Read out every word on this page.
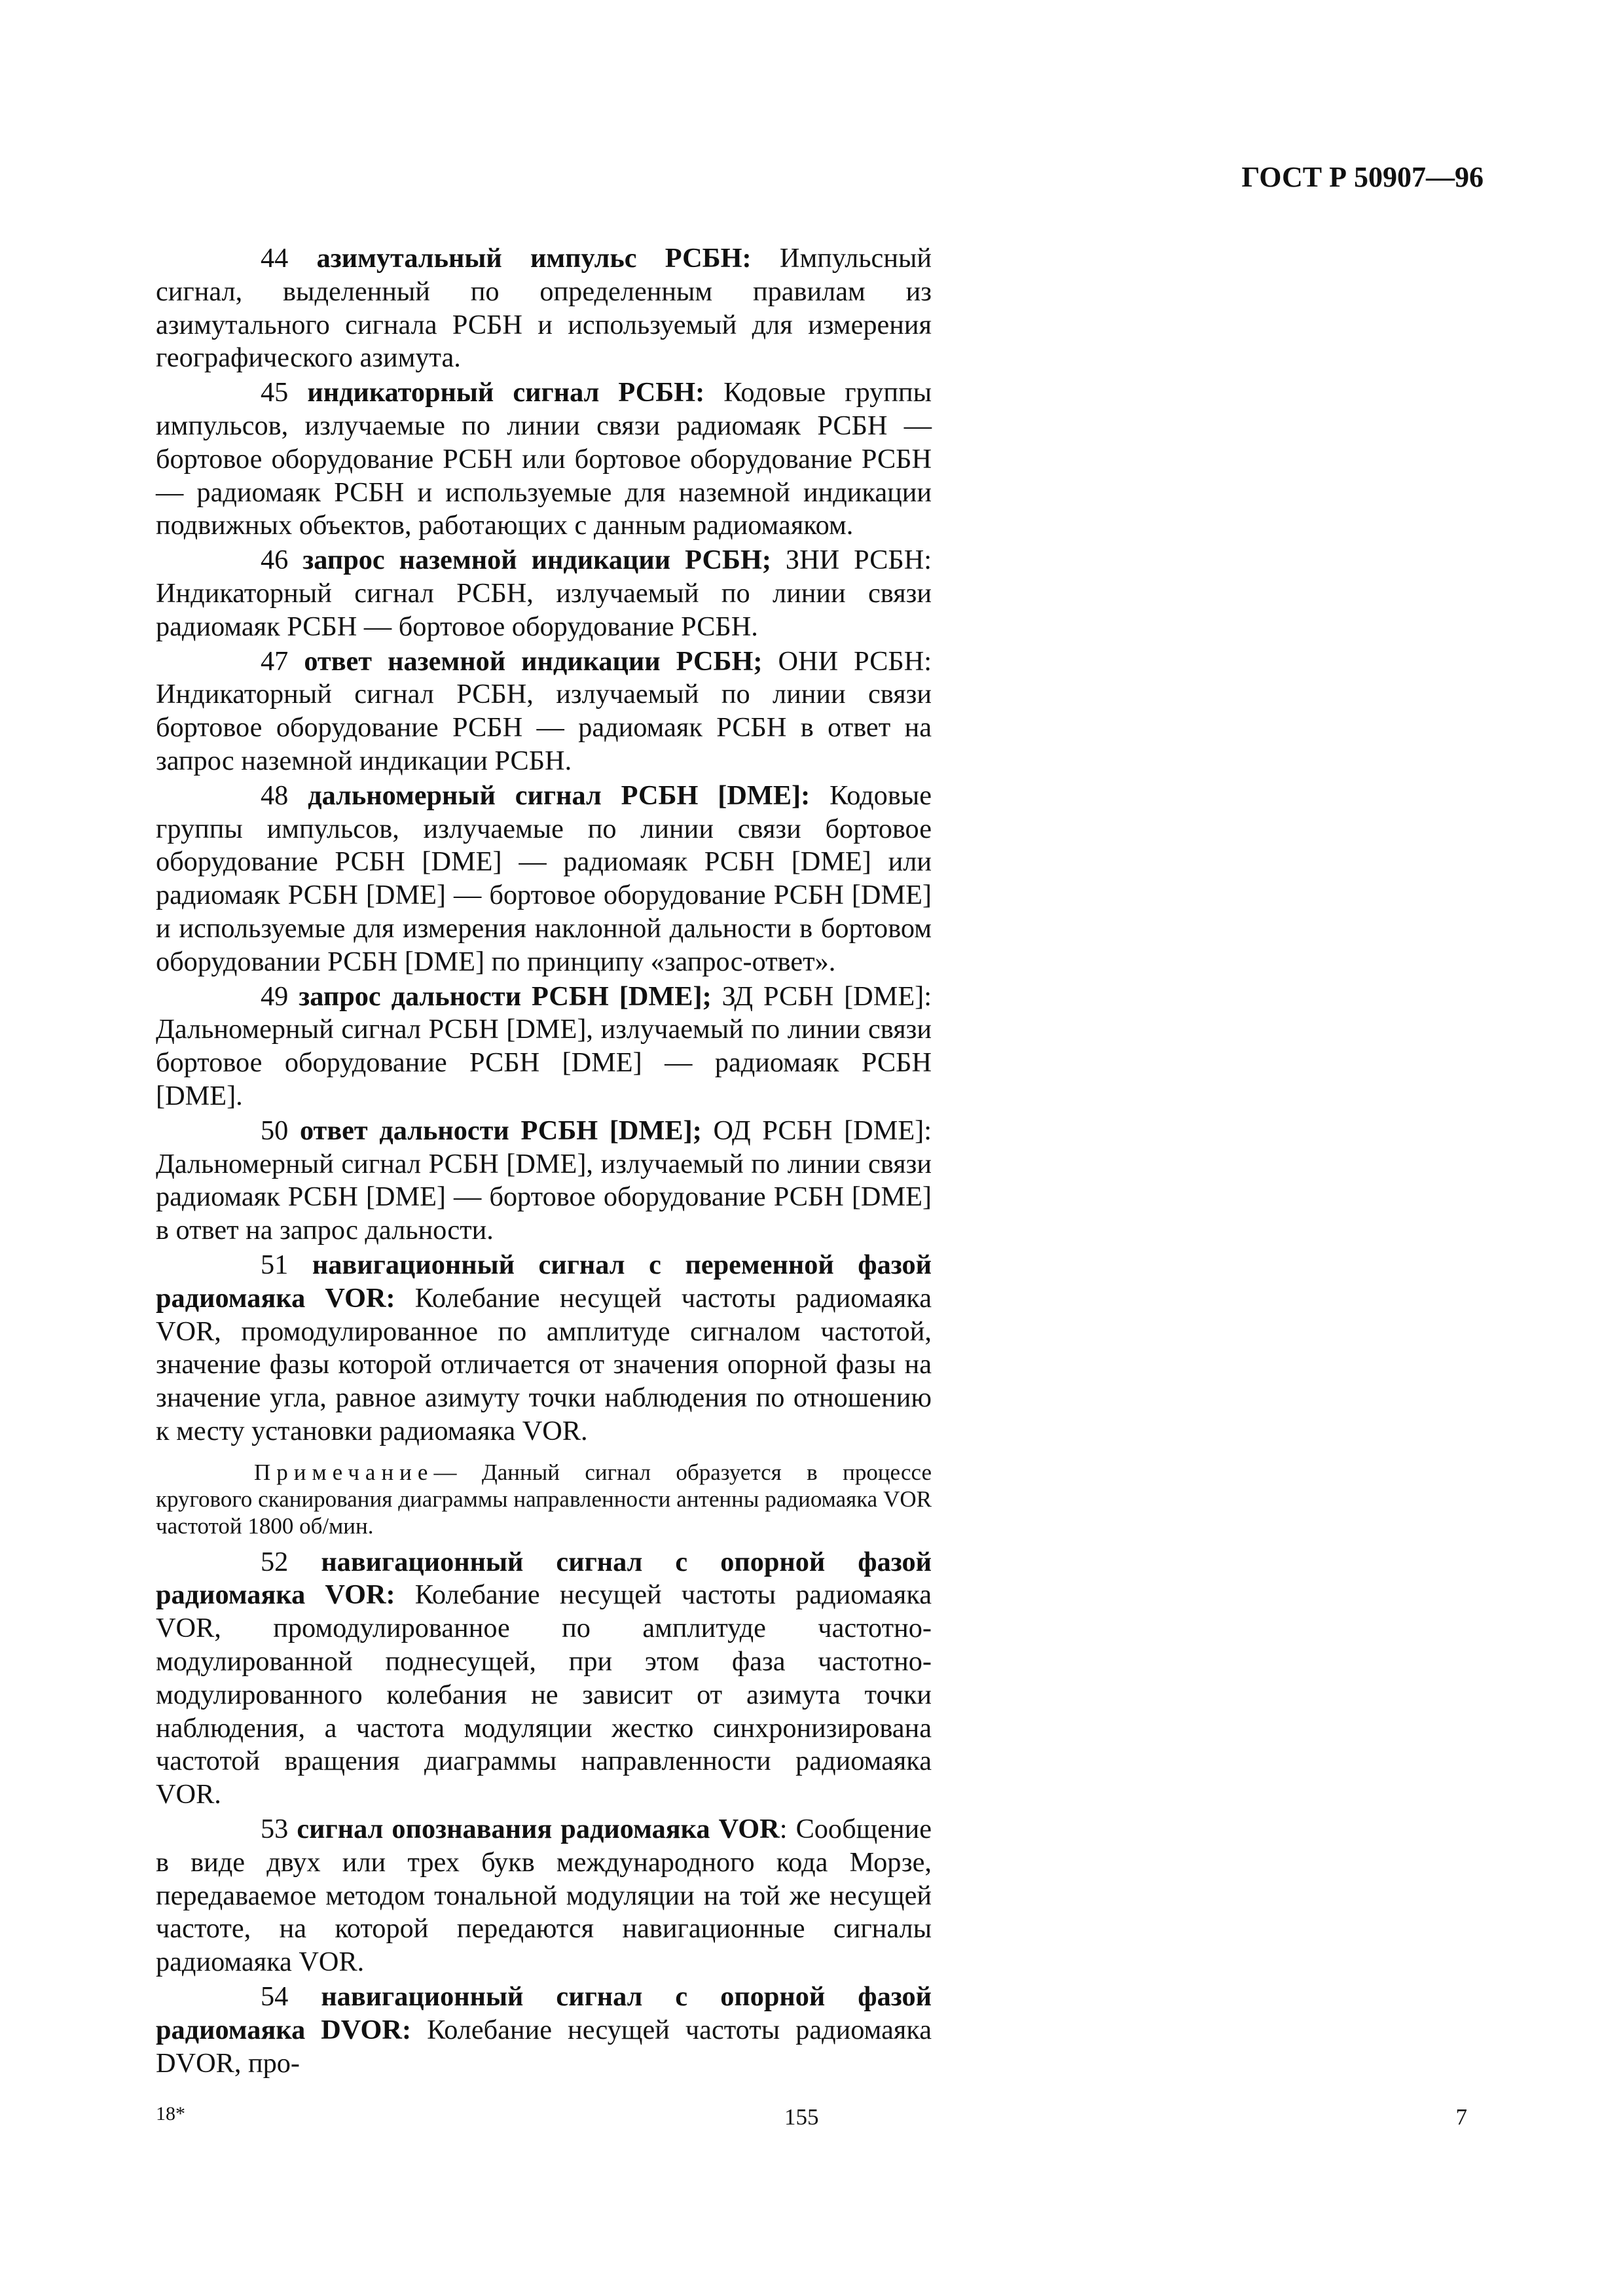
ГОСТ Р 50907—96

44 азимутальный импульс РСБН: Импульсный сигнал, выделенный по определенным правилам из азимутального сигнала РСБН и используемый для измерения географического азимута.

45 индикаторный сигнал РСБН: Кодовые группы импульсов, излучаемые по линии связи радиомаяк РСБН — бортовое оборудование РСБН или бортовое оборудование РСБН — радиомаяк РСБН и используемые для наземной индикации подвижных объектов, работающих с данным радиомаяком.

46 запрос наземной индикации РСБН; ЗНИ РСБН: Индикаторный сигнал РСБН, излучаемый по линии связи радиомаяк РСБН — бортовое оборудование РСБН.

47 ответ наземной индикации РСБН; ОНИ РСБН: Индикаторный сигнал РСБН, излучаемый по линии связи бортовое оборудование РСБН — радиомаяк РСБН в ответ на запрос наземной индикации РСБН.

48 дальномерный сигнал РСБН [DME]: Кодовые группы импульсов, излучаемые по линии связи бортовое оборудование РСБН [DME] — радиомаяк РСБН [DME] или радиомаяк РСБН [DME] — бортовое оборудование РСБН [DME] и используемые для измерения наклонной дальности в бортовом оборудовании РСБН [DME] по принципу «запрос-ответ».

49 запрос дальности РСБН [DME]; ЗД РСБН [DME]: Дальномерный сигнал РСБН [DME], излучаемый по линии связи бортовое оборудование РСБН [DME] — радиомаяк РСБН [DME].

50 ответ дальности РСБН [DME]; ОД РСБН [DME]: Дальномерный сигнал РСБН [DME], излучаемый по линии связи радиомаяк РСБН [DME] — бортовое оборудование РСБН [DME] в ответ на запрос дальности.

51 навигационный сигнал с переменной фазой радиомаяка VOR: Колебание несущей частоты радиомаяка VOR, промодулированное по амплитуде сигналом частотой, значение фазы которой отличается от значения опорной фазы на значение угла, равное азимуту точки наблюдения по отношению к месту установки радиомаяка VOR.

Примечание— Данный сигнал образуется в процессе кругового сканирования диаграммы направленности антенны радиомаяка VOR частотой 1800 об/мин.

52 навигационный сигнал с опорной фазой радиомаяка VOR: Колебание несущей частоты радиомаяка VOR, промодулированное по амплитуде частотно-модулированной поднесущей, при этом фаза частотно-модулированного колебания не зависит от азимута точки наблюдения, а частота модуляции жестко синхронизирована частотой вращения диаграммы направленности радиомаяка VOR.

53 сигнал опознавания радиомаяка VOR: Сообщение в виде двух или трех букв международного кода Морзе, передаваемое методом тональной модуляции на той же несущей частоте, на которой передаются навигационные сигналы радиомаяка VOR.

54 навигационный сигнал с опорной фазой радиомаяка DVOR: Колебание несущей частоты радиомаяка DVOR, про-

18*	155	7
